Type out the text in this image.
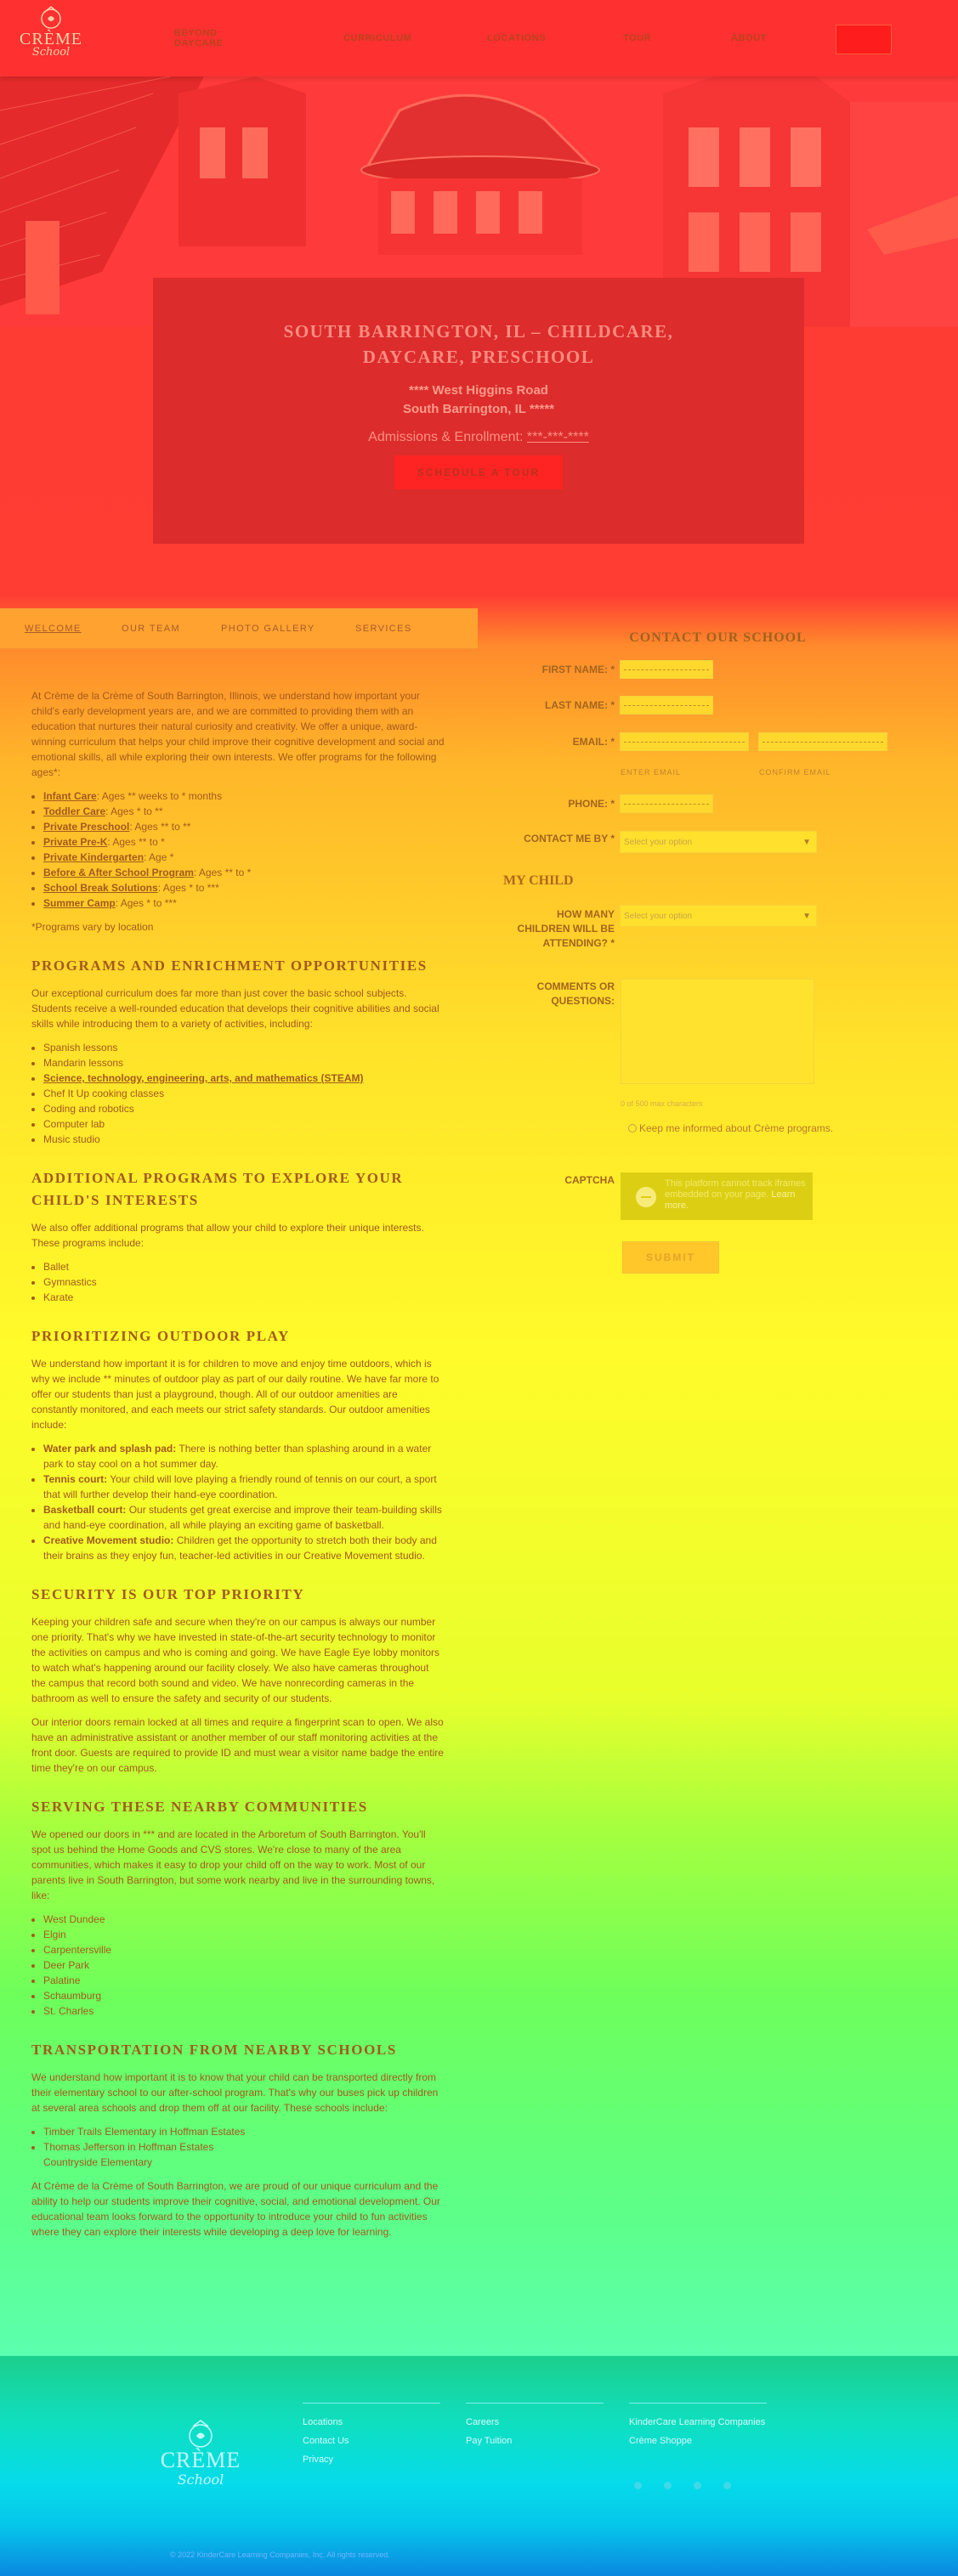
CRÈME
School
BEYOND DAYCARE	CURRICULUM	LOCATIONS	TOUR	ABOUT
SOUTH BARRINGTON, IL – CHILDCARE,
DAYCARE, PRESCHOOL
**** West Higgins Road
South Barrington, IL *****
Admissions & Enrollment: ***-***-****
SCHEDULE A TOUR
WELCOME	OUR TEAM	PHOTO GALLERY	SERVICES

At Crème de la Crème of South Barrington, Illinois, we understand how important your child's early development years are, and we are committed to providing them with an education that nurtures their natural curiosity and creativity. We offer a unique, award-winning curriculum that helps your child improve their cognitive development and social and emotional skills, all while exploring their own interests. We offer programs for the following ages*:

• Infant Care: Ages ** weeks to * months
• Toddler Care: Ages * to **
• Private Preschool: Ages ** to **
• Private Pre-K: Ages ** to *
• Private Kindergarten: Age *
• Before & After School Program: Ages ** to *
• School Break Solutions: Ages * to ***
• Summer Camp: Ages * to ***

*Programs vary by location

PROGRAMS AND ENRICHMENT OPPORTUNITIES

Our exceptional curriculum does far more than just cover the basic school subjects. Students receive a well-rounded education that develops their cognitive abilities and social skills while introducing them to a variety of activities, including:

• Spanish lessons
• Mandarin lessons
• Science, technology, engineering, arts, and mathematics (STEAM)
• Chef It Up cooking classes
• Coding and robotics
• Computer lab
• Music studio
ADDITIONAL PROGRAMS TO EXPLORE YOUR CHILD'S INTERESTS

We also offer additional programs that allow your child to explore their unique interests. These programs include:

• Ballet
• Gymnastics
• Karate
PRIORITIZING OUTDOOR PLAY

We understand how important it is for children to move and enjoy time outdoors, which is why we include ** minutes of outdoor play as part of our daily routine. We have far more to offer our students than just a playground, though. All of our outdoor amenities are constantly monitored, and each meets our strict safety standards. Our outdoor amenities include:

• Water park and splash pad: There is nothing better than splashing around in a water park to stay cool on a hot summer day.
• Tennis court: Your child will love playing a friendly round of tennis on our court, a sport that will further develop their hand-eye coordination.
• Basketball court: Our students get great exercise and improve their team-building skills and hand-eye coordination, all while playing an exciting game of basketball.
• Creative Movement studio: Children get the opportunity to stretch both their body and their brains as they enjoy fun, teacher-led activities in our Creative Movement studio.
SECURITY IS OUR TOP PRIORITY

Keeping your children safe and secure when they're on our campus is always our number one priority. That's why we have invested in state-of-the-art security technology to monitor the activities on campus and who is coming and going. We have Eagle Eye lobby monitors to watch what's happening around our facility closely. We also have cameras throughout the campus that record both sound and video. We have nonrecording cameras in the bathroom as well to ensure the safety and security of our students.

Our interior doors remain locked at all times and require a fingerprint scan to open. We also have an administrative assistant or another member of our staff monitoring activities at the front door. Guests are required to provide ID and must wear a visitor name badge the entire time they're on our campus.

SERVING THESE NEARBY COMMUNITIES

We opened our doors in *** and are located in the Arboretum of South Barrington. You'll spot us behind the Home Goods and CVS stores. We're close to many of the area communities, which makes it easy to drop your child off on the way to work. Most of our parents live in South Barrington, but some work nearby and live in the surrounding towns, like:

• West Dundee
• Elgin
• Carpentersville
• Deer Park
• Palatine
• Schaumburg
• St. Charles
TRANSPORTATION FROM NEARBY SCHOOLS

We understand how important it is to know that your child can be transported directly from their elementary school to our after-school program. That's why our buses pick up children at several area schools and drop them off at our facility. These schools include:

• Timber Trails Elementary in Hoffman Estates
• Thomas Jefferson in Hoffman Estates
Countryside Elementary

At Crème de la Crème of South Barrington, we are proud of our unique curriculum and the ability to help our students improve their cognitive, social, and emotional development. Our educational team looks forward to the opportunity to introduce your child to fun activities where they can explore their interests while developing a deep love for learning.

CONTACT OUR SCHOOL
FIRST NAME: *
LAST NAME: *
EMAIL: *
ENTER EMAIL	CONFIRM EMAIL
PHONE: *
CONTACT ME BY *	Select your option	▼
MY CHILD
HOW MANY
CHILDREN WILL BE
ATTENDING? *
Select your option	▼
COMMENTS OR
QUESTIONS:
0 of 500 max characters
Keep me informed about Crème programs.
CAPTCHA	This platform cannot track iframes embedded on your page. Learn more.
SUBMIT
CRÈME
School
Locations
Contact Us
Privacy
Careers
Pay Tuition
KinderCare Learning Companies
Crème Shoppe
© 2022 KinderCare Learning Companies, Inc. All rights reserved.
